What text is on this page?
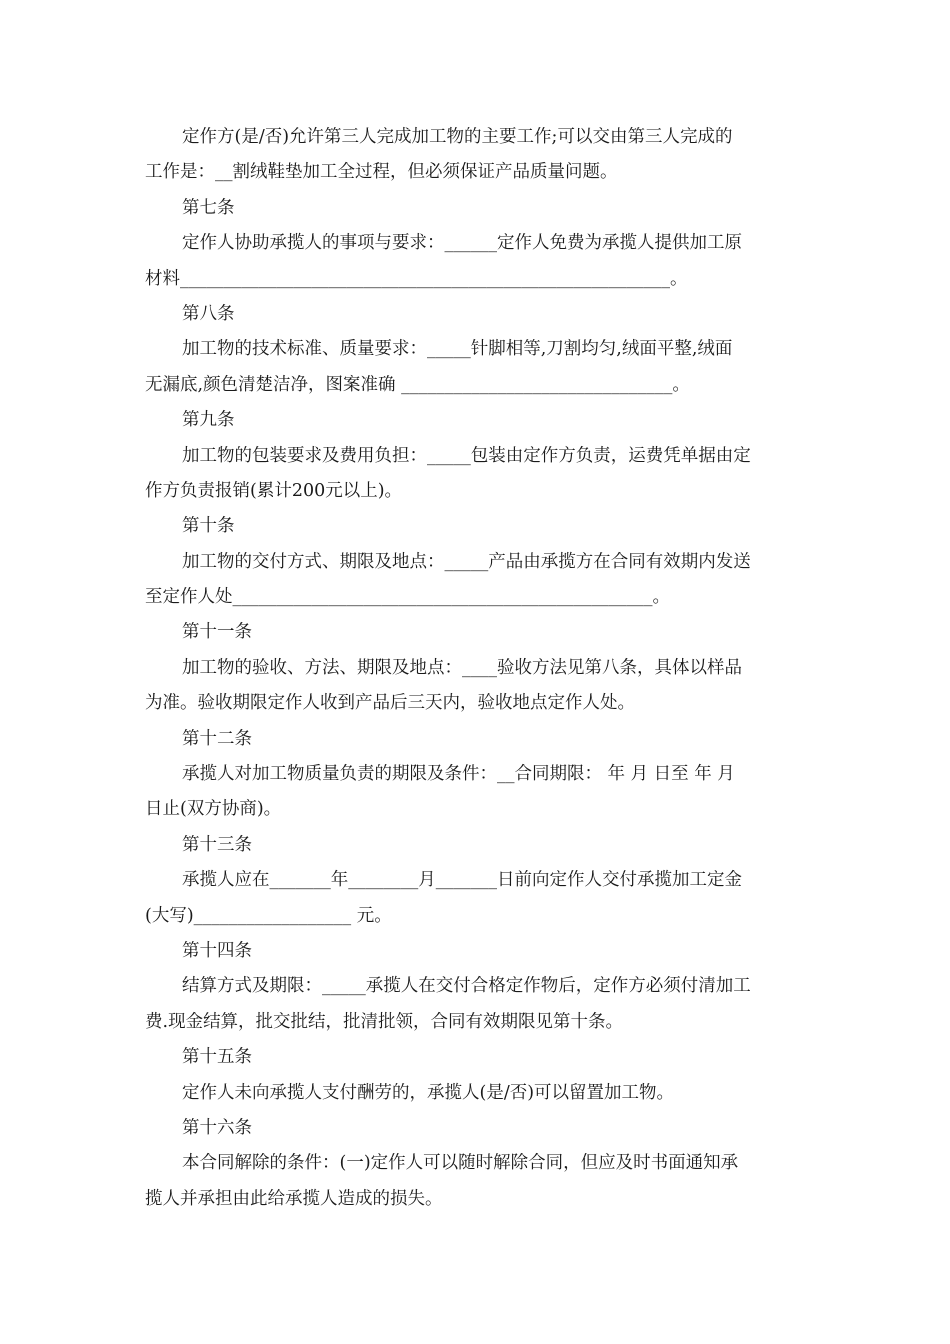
定作方(是/否)允许第三人完成加工物的主要工作;可以交由第三人完成的
工作是：__割绒鞋垫加工全过程，但必须保证产品质量问题。
第七条
定作人协助承揽人的事项与要求：______定作人免费为承揽人提供加工原
材料________________________________________________________。
第八条
加工物的技术标准、质量要求：_____针脚相等,刀割均匀,绒面平整,绒面
无漏底,颜色清楚洁净，图案准确 _______________________________。
第九条
加工物的包装要求及费用负担：_____包装由定作方负责，运费凭单据由定
作方负责报销(累计200元以上)。
第十条
加工物的交付方式、期限及地点：_____产品由承揽方在合同有效期内发送
至定作人处________________________________________________。
第十一条
加工物的验收、方法、期限及地点：____验收方法见第八条，具体以样品
为准。验收期限定作人收到产品后三天内，验收地点定作人处。
第十二条
承揽人对加工物质量负责的期限及条件：__合同期限： 年 月 日至 年 月
日止(双方协商)。
第十三条
承揽人应在_______年________月_______日前向定作人交付承揽加工定金
(大写)__________________ 元。
第十四条
结算方式及期限：_____承揽人在交付合格定作物后，定作方必须付清加工
费.现金结算，批交批结，批清批领，合同有效期限见第十条。
第十五条
定作人未向承揽人支付酬劳的，承揽人(是/否)可以留置加工物。
第十六条
本合同解除的条件：(一)定作人可以随时解除合同，但应及时书面通知承
揽人并承担由此给承揽人造成的损失。
